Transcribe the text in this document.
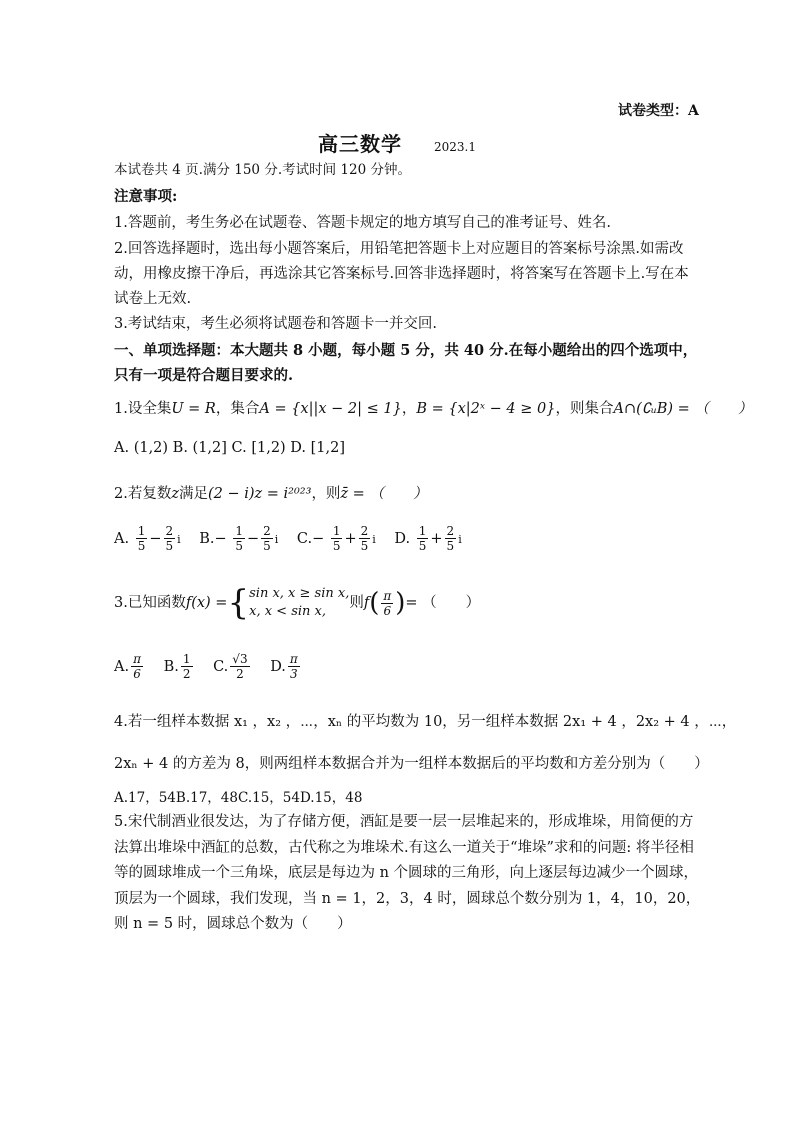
试卷类型：A
高三数学	2023.1
本试卷共 4 页.满分 150 分.考试时间 120 分钟。
注意事项:
1.答题前，考生务必在试题卷、答题卡规定的地方填写自己的准考证号、姓名.
2.回答选择题时，选出每小题答案后，用铅笔把答题卡上对应题目的答案标号涂黑.如需改动，用橡皮擦干净后，再选涂其它答案标号.回答非选择题时，将答案写在答题卡上.写在本试卷上无效.
3.考试结束，考生必须将试题卷和答题卡一并交回.
一、单项选择题：本大题共 8 小题，每小题 5 分，共 40 分.在每小题给出的四个选项中，只有一项是符合题目要求的.
1.设全集U = R，集合A = {x||x − 2| ≤ 1}，B = {x|2ˣ − 4 ≥ 0}，则集合A∩(∁ᵤB) = （　　）
A. (1,2) B. (1,2] C. [1,2) D. [1,2]
2.若复数z满足(2 − i)z = i²⁰²³，则z̄ = （　　）
A. $\frac{1}{5} - \frac{2}{5}$ i $B.- \frac{1}{5} - \frac{2}{5}$ i $C.- \frac{1}{5} + \frac{2}{5}$ i D. $\frac{1}{5} + \frac{2}{5}$ i
3.已知函数f(x) ={ sin x, x ≥ sin x,
x, x < sin x,
则$f( \frac{\pi}{6}$ )= （　　）
A. $\frac{\pi}{6} B$. $\frac{1}{2} C$. $\frac{√3}{2} D$. $\frac{\pi}{3}$
4.若一组样本数据 x₁ ，x₂ ，⋯，xₙ 的平均数为 10，另一组样本数据 2x₁ + 4 ，2x₂ + 4 ，⋯，
2xₙ + 4 的方差为 8，则两组样本数据合并为一组样本数据后的平均数和方差分别为（　　）
A.17，54B.17，48C.15，54D.15，48
5.宋代制酒业很发达，为了存储方便，酒缸是要一层一层堆起来的，形成堆垛，用简便的方法算出堆垛中酒缸的总数，古代称之为堆垛术.有这么一道关于“堆垛”求和的问题: 将半径相等的圆球堆成一个三角垛，底层是每边为 n 个圆球的三角形，向上逐层每边减少一个圆球，顶层为一个圆球，我们发现，当 n = 1，2，3，4 时，圆球总个数分别为 1，4，10，20，则 n = 5 时，圆球总个数为（　　）
